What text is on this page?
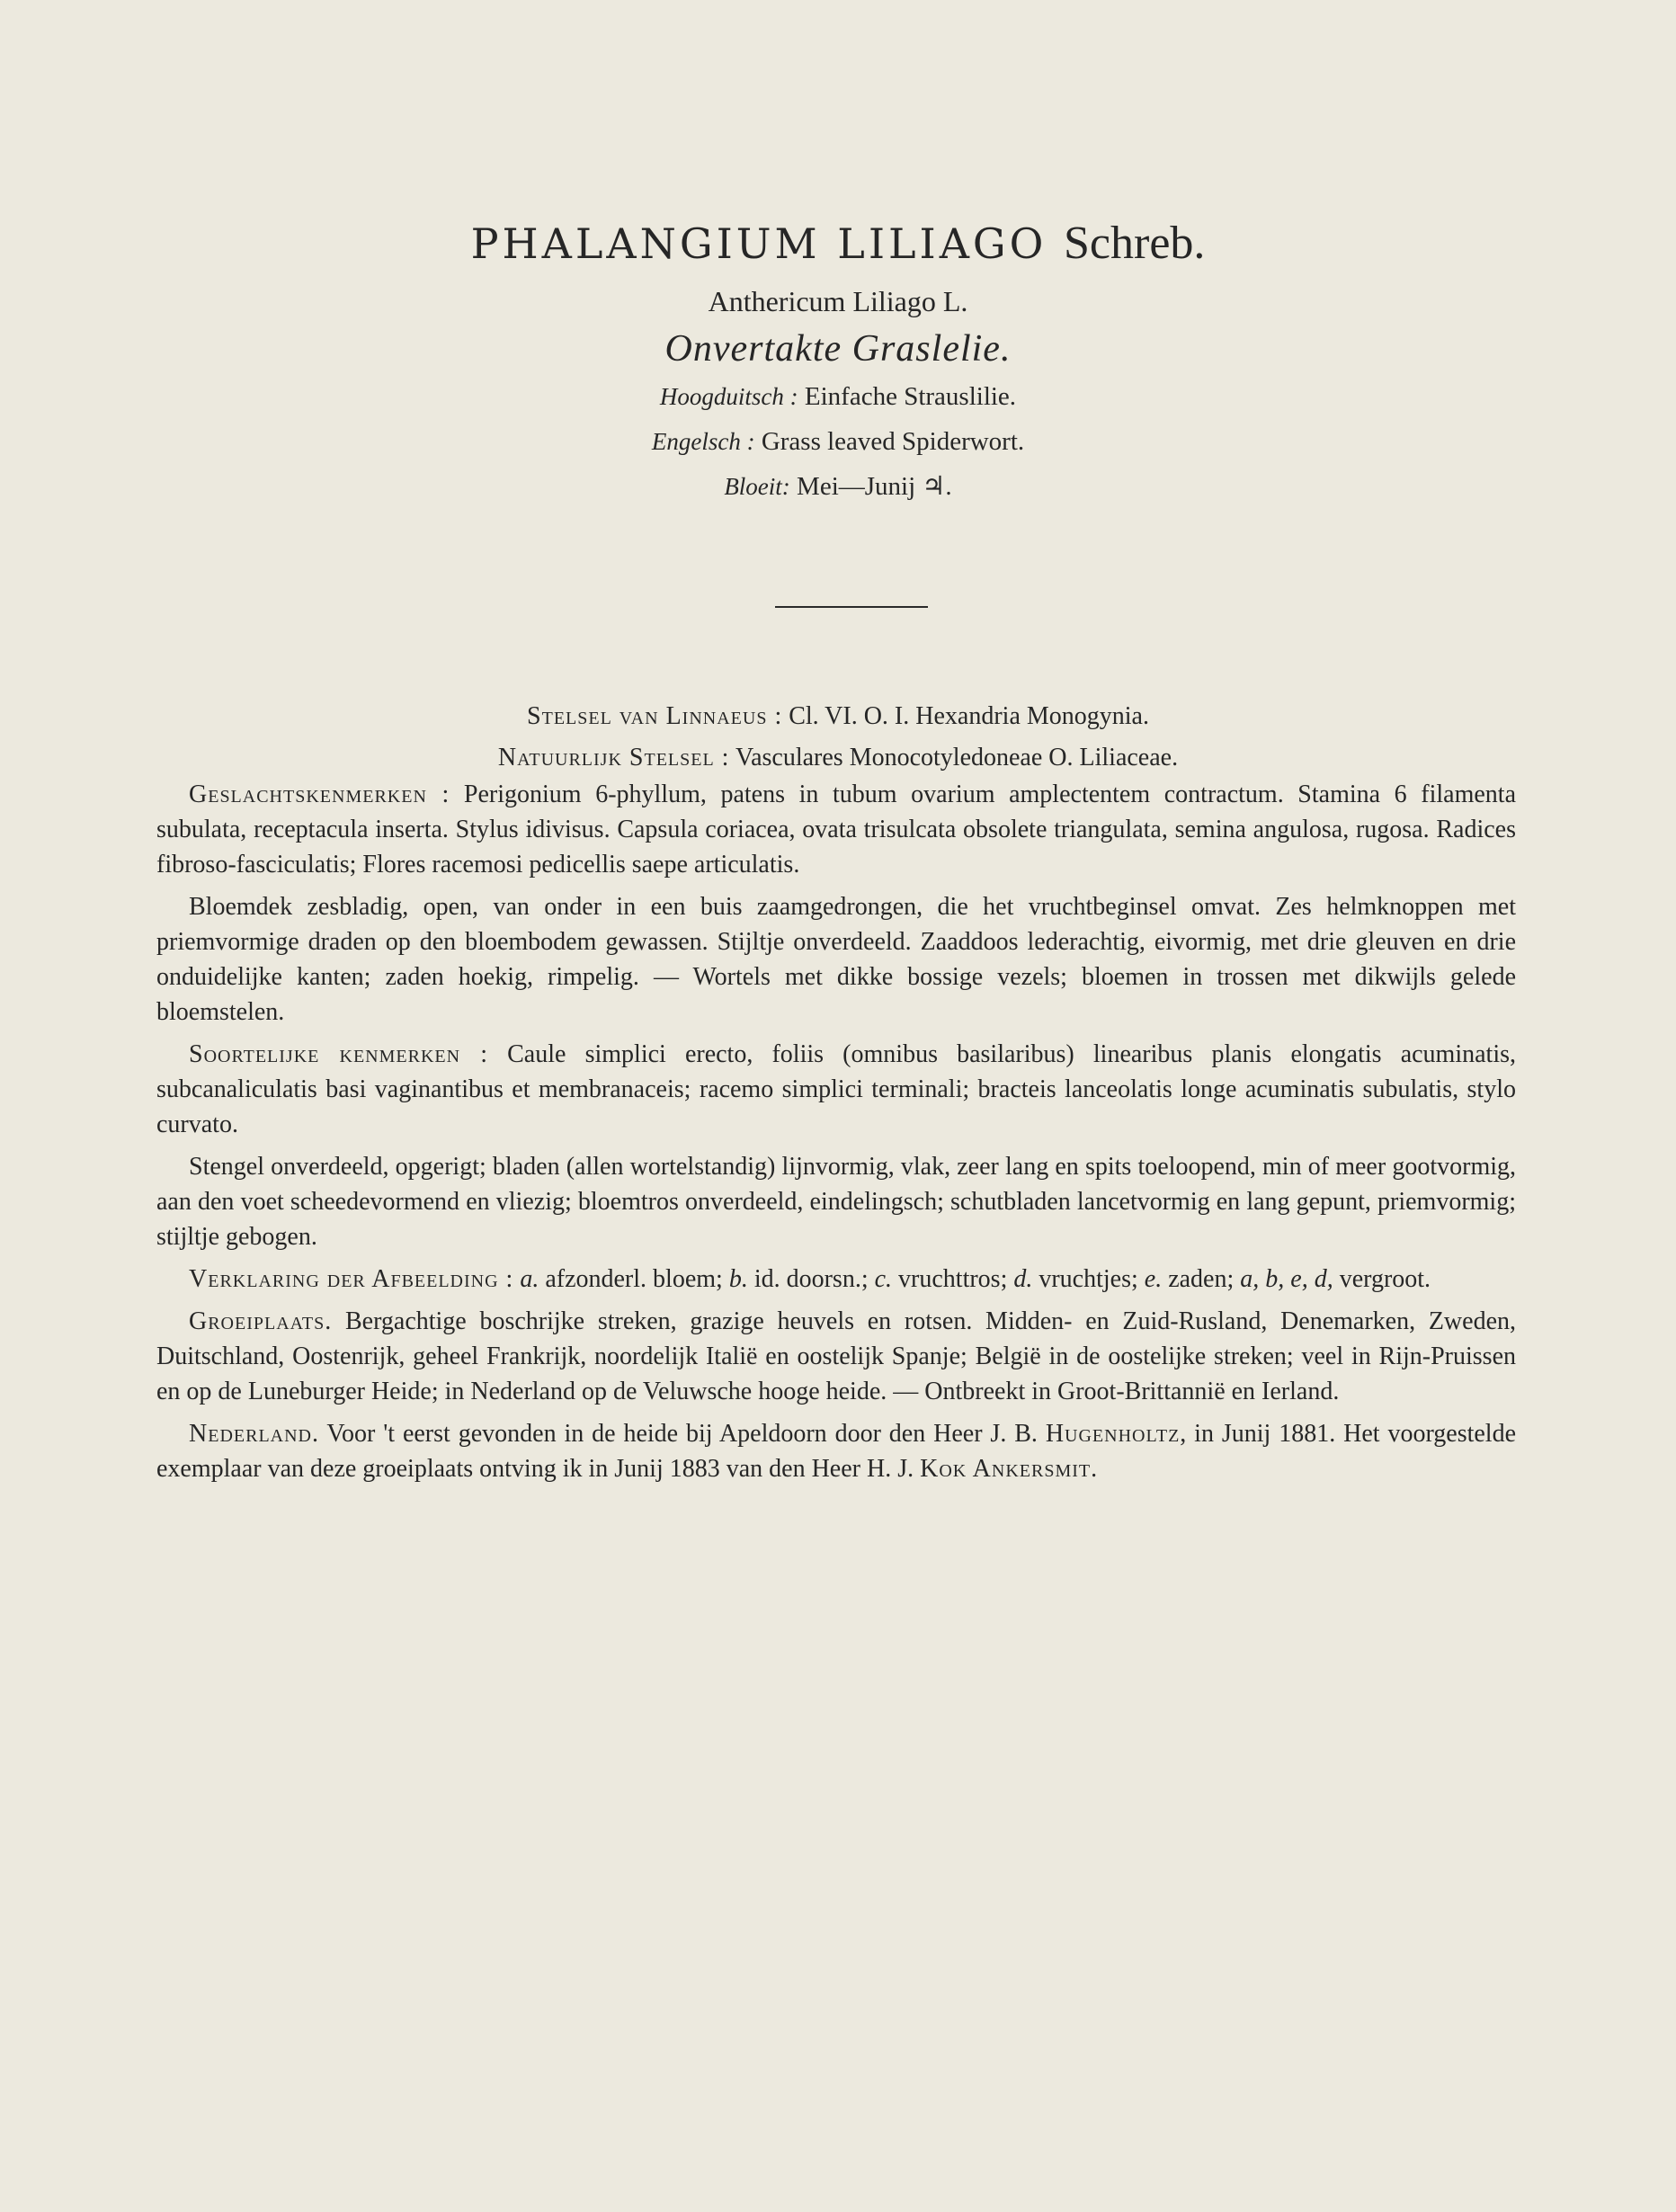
PHALANGIUM LILIAGO Schreb.
Anthericum Liliago L.
Onvertakte Graslelie.
Hoogduitsch : Einfache Strauslilie.
Engelsch : Grass leaved Spiderwort.
Bloeit: Mei—Junij ♃.
Stelsel van Linnaeus : Cl. VI. O. I. Hexandria Monogynia.
Natuurlijk Stelsel : Vasculares Monocotyledoneae O. Liliaceae.

Geslachtskenmerken : Perigonium 6-phyllum, patens in tubum ovarium amplectentem contractum. Stamina 6 filamenta subulata, receptacula inserta. Stylus idivisus. Capsula coriacea, ovata trisulcata obsolete triangulata, semina angulosa, rugosa. Radices fibroso-fasciculatis; Flores racemosi pedicellis saepe articulatis.

Bloemdek zesbladig, open, van onder in een buis zaamgedrongen, die het vruchtbeginsel omvat. Zes helmknoppen met priemvormige draden op den bloembodem gewassen. Stijltje onverdeeld. Zaaddoos lederachtig, eivormig, met drie gleuven en drie onduidelijke kanten; zaden hoekig, rimpelig. — Wortels met dikke bossige vezels; bloemen in trossen met dikwijls gelede bloemstelen.

Soortelijke kenmerken : Caule simplici erecto, foliis (omnibus basilaribus) linearibus planis elongatis acuminatis, subcanaliculatis basi vaginantibus et membranaceis; racemo simplici terminali; bracteis lanceolatis longe acuminatis subulatis, stylo curvato.

Stengel onverdeeld, opgerigt; bladen (allen wortelstandig) lijnvormig, vlak, zeer lang en spits toeloopend, min of meer gootvormig, aan den voet scheedevormend en vliezig; bloemtros onverdeeld, eindelingsch; schutbladen lancetvormig en lang gepunt, priemvormig; stijltje gebogen.

Verklaring der Afbeelding : a. afzonderl. bloem; b. id. doorsn.; c. vruchttros; d. vruchtjes; e. zaden; a, b, e, d, vergroot.

Groeiplaats. Bergachtige boschrijke streken, grazige heuvels en rotsen. Midden- en Zuid-Rusland, Denemarken, Zweden, Duitschland, Oostenrijk, geheel Frankrijk, noordelijk Italië en oostelijk Spanje; België in de oostelijke streken; veel in Rijn-Pruissen en op de Luneburger Heide; in Nederland op de Veluwsche hooge heide. — Ontbreekt in Groot-Brittannië en Ierland.

Nederland. Voor 't eerst gevonden in de heide bij Apeldoorn door den Heer J. B. Hugenholtz, in Junij 1881. Het voorgestelde exemplaar van deze groeiplaats ontving ik in Junij 1883 van den Heer H. J. Kok Ankersmit.
